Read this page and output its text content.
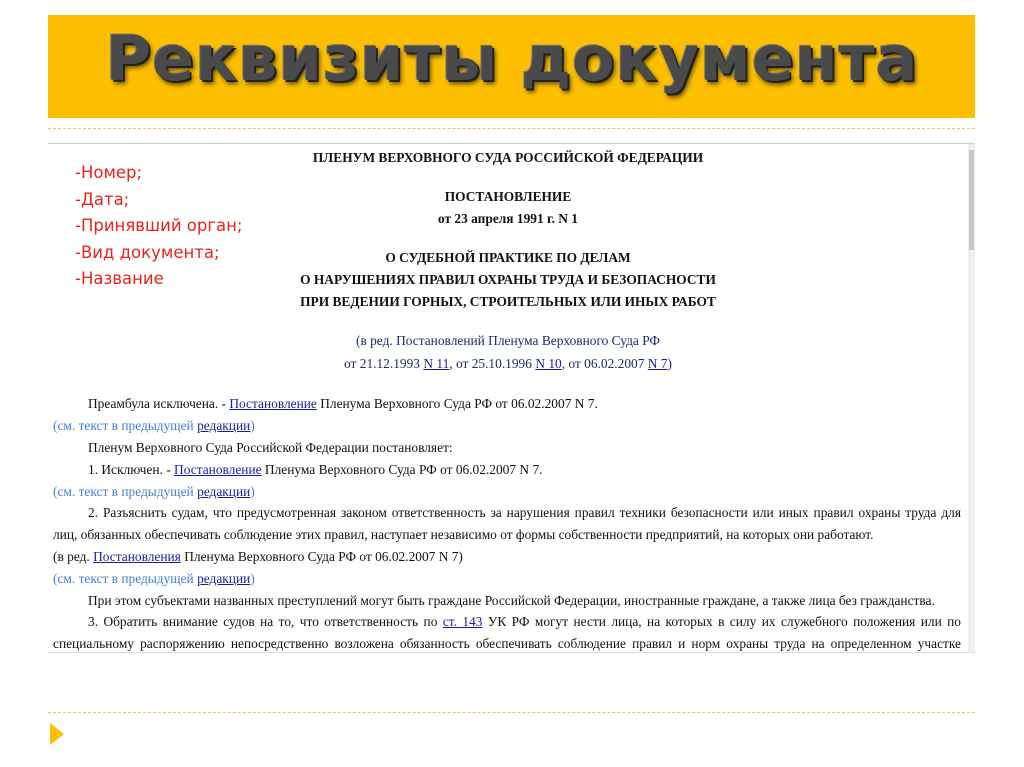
Реквизиты документа
ПЛЕНУМ ВЕРХОВНОГО СУДА РОССИЙСКОЙ ФЕДЕРАЦИИ
ПОСТАНОВЛЕНИЕ
от 23 апреля 1991 г. N 1
О СУДЕБНОЙ ПРАКТИКЕ ПО ДЕЛАМ
О НАРУШЕНИЯХ ПРАВИЛ ОХРАНЫ ТРУДА И БЕЗОПАСНОСТИ
ПРИ ВЕДЕНИИ ГОРНЫХ, СТРОИТЕЛЬНЫХ ИЛИ ИНЫХ РАБОТ
(в ред. Постановлений Пленума Верховного Суда РФ
от 21.12.1993 N 11, от 25.10.1996 N 10, от 06.02.2007 N 7)
Преамбула исключена. - Постановление Пленума Верховного Суда РФ от 06.02.2007 N 7.
(см. текст в предыдущей редакции)
Пленум Верховного Суда Российской Федерации постановляет:
1. Исключен. - Постановление Пленума Верховного Суда РФ от 06.02.2007 N 7.
(см. текст в предыдущей редакции)
2. Разъяснить судам, что предусмотренная законом ответственность за нарушения правил техники безопасности или иных правил охраны труда для
лиц, обязанных обеспечивать соблюдение этих правил, наступает независимо от формы собственности предприятий, на которых они работают.
(в ред. Постановления Пленума Верховного Суда РФ от 06.02.2007 N 7)
(см. текст в предыдущей редакции)
При этом субъектами названных преступлений могут быть граждане Российской Федерации, иностранные граждане, а также лица без гражданства.
3. Обратить внимание судов на то, что ответственность по ст. 143 УК РФ могут нести лица, на которых в силу их служебного положения или по
специальному распоряжению непосредственно возложена обязанность обеспечивать соблюдение правил и норм охраны труда на определенном участке
-Номер;
-Дата;
-Принявший орган;
-Вид документа;
-Название
